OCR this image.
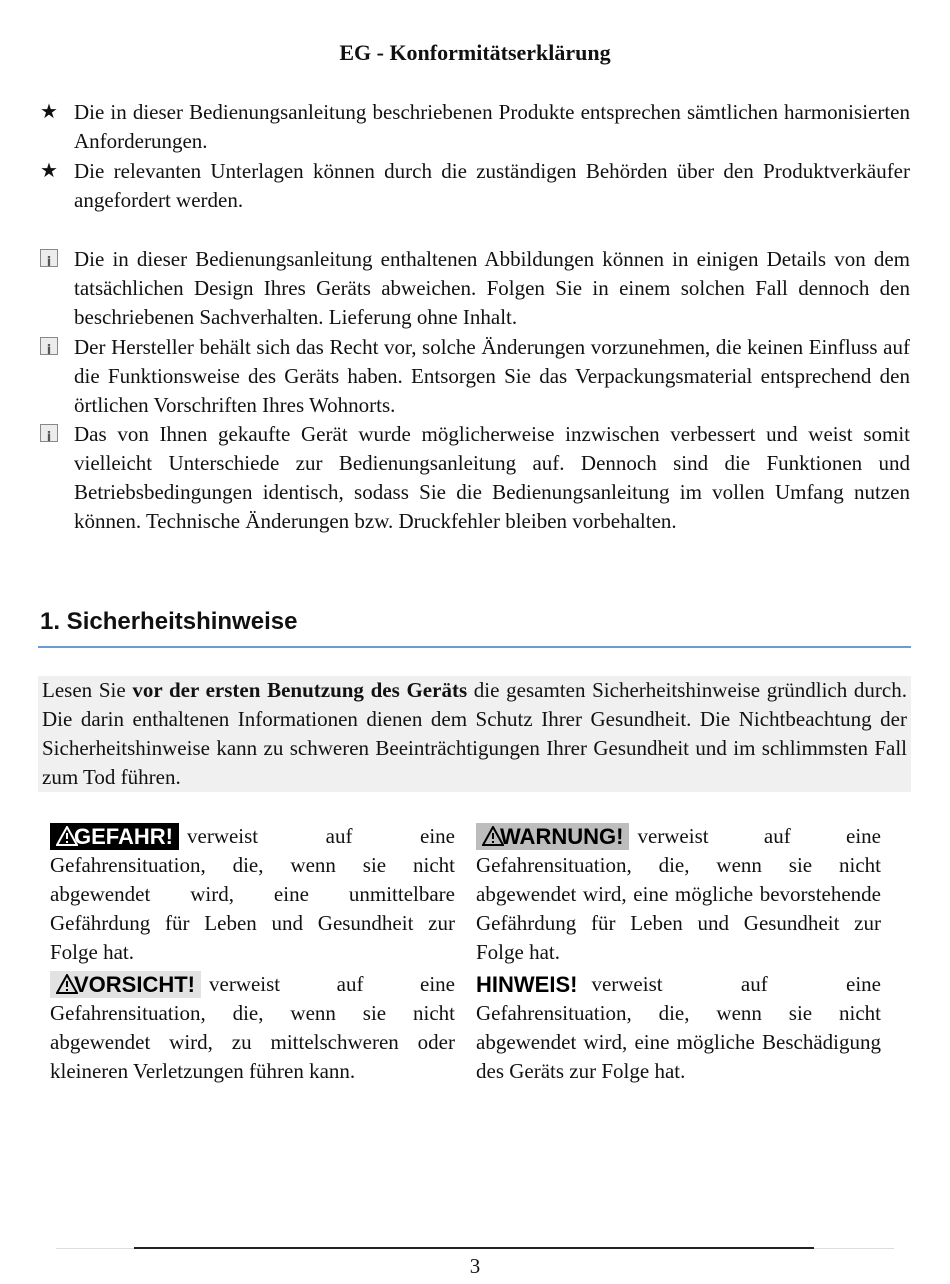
EG - Konformitätserklärung
★ Die in dieser Bedienungsanleitung beschriebenen Produkte entsprechen sämtlichen harmonisierten Anforderungen.
★ Die relevanten Unterlagen können durch die zuständigen Behörden über den Produktverkäufer angefordert werden.
i
Die in dieser Bedienungsanleitung enthaltenen Abbildungen können in einigen Details von dem tatsächlichen Design Ihres Geräts abweichen. Folgen Sie in einem solchen Fall dennoch den beschriebenen Sachverhalten. Lieferung ohne Inhalt.
i
Der Hersteller behält sich das Recht vor, solche Änderungen vorzunehmen, die keinen Einfluss auf die Funktionsweise des Geräts haben. Entsorgen Sie das Verpackungsmaterial entsprechend den örtlichen Vorschriften Ihres Wohnorts.
i
Das von Ihnen gekaufte Gerät wurde möglicherweise inzwischen verbessert und weist somit vielleicht Unterschiede zur Bedienungsanleitung auf. Dennoch sind die Funktionen und Betriebsbedingungen identisch, sodass Sie die Bedienungsanleitung im vollen Umfang nutzen können. Technische Änderungen bzw. Druckfehler bleiben vorbehalten.
1. Sicherheitshinweise
Lesen Sie vor der ersten Benutzung des Geräts die gesamten Sicherheitshinweise gründlich durch. Die darin enthaltenen Informationen dienen dem Schutz Ihrer Gesundheit. Die Nichtbeachtung der Sicherheitshinweise kann zu schweren Beeinträchtigungen Ihrer Gesundheit und im schlimmsten Fall zum Tod führen.
GEFAHR! verweist auf eine Gefahrensituation, die, wenn sie nicht abgewendet wird, eine unmittelbare Gefährdung für Leben und Gesundheit zur Folge hat.
VORSICHT! verweist auf eine Gefahrensituation, die, wenn sie nicht abgewendet wird, zu mittelschweren oder kleineren Verletzungen führen kann.
WARNUNG! verweist auf eine Gefahrensituation, die, wenn sie nicht abgewendet wird, eine mögliche bevorstehende Gefährdung für Leben und Gesundheit zur Folge hat.
HINWEIS! verweist auf eine Gefahrensituation, die, wenn sie nicht abgewendet wird, eine mögliche Beschädigung des Geräts zur Folge hat.
3
